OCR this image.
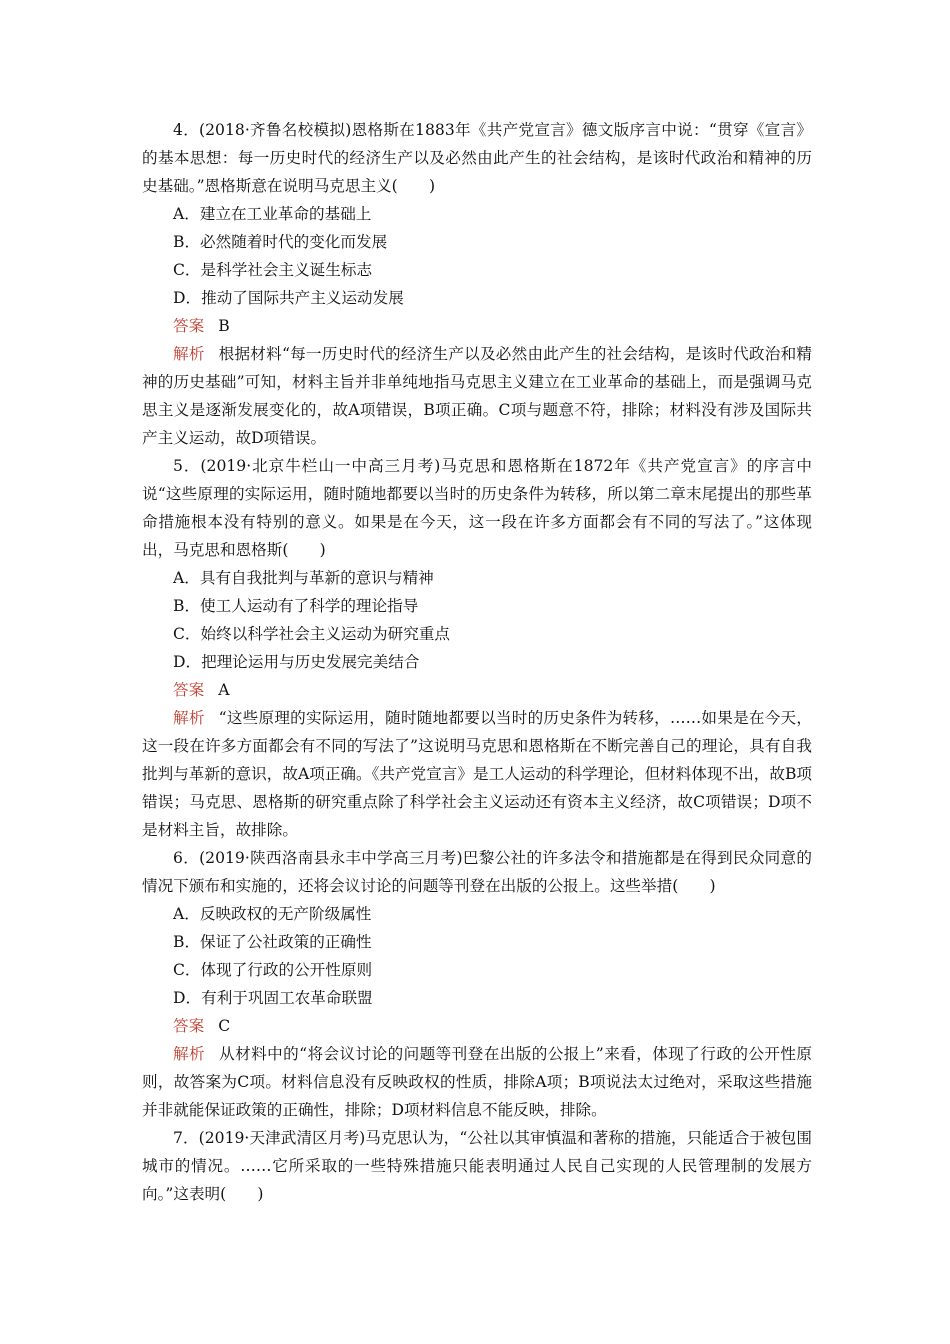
4．(2018·齐鲁名校模拟)恩格斯在1883年《共产党宣言》德文版序言中说：“贯穿《宣言》的基本思想：每一历史时代的经济生产以及必然由此产生的社会结构，是该时代政治和精神的历史基础。”恩格斯意在说明马克思主义(　　)

A．建立在工业革命的基础上

B．必然随着时代的变化而发展

C．是科学社会主义诞生标志

D．推动了国际共产主义运动发展

答案 B

解析 根据材料“每一历史时代的经济生产以及必然由此产生的社会结构，是该时代政治和精神的历史基础”可知，材料主旨并非单纯地指马克思主义建立在工业革命的基础上，而是强调马克思主义是逐渐发展变化的，故A项错误，B项正确。C项与题意不符，排除；材料没有涉及国际共产主义运动，故D项错误。

5．(2019·北京牛栏山一中高三月考)马克思和恩格斯在1872年《共产党宣言》的序言中说“这些原理的实际运用，随时随地都要以当时的历史条件为转移，所以第二章末尾提出的那些革命措施根本没有特别的意义。如果是在今天，这一段在许多方面都会有不同的写法了。”这体现出，马克思和恩格斯(　　)

A．具有自我批判与革新的意识与精神

B．使工人运动有了科学的理论指导

C．始终以科学社会主义运动为研究重点

D．把理论运用与历史发展完美结合

答案 A

解析 “这些原理的实际运用，随时随地都要以当时的历史条件为转移，……如果是在今天，这一段在许多方面都会有不同的写法了”这说明马克思和恩格斯在不断完善自己的理论，具有自我批判与革新的意识，故A项正确。《共产党宣言》是工人运动的科学理论，但材料体现不出，故B项错误；马克思、恩格斯的研究重点除了科学社会主义运动还有资本主义经济，故C项错误；D项不是材料主旨，故排除。

6．(2019·陕西洛南县永丰中学高三月考)巴黎公社的许多法令和措施都是在得到民众同意的情况下颁布和实施的，还将会议讨论的问题等刊登在出版的公报上。这些举措(　　)

A．反映政权的无产阶级属性

B．保证了公社政策的正确性

C．体现了行政的公开性原则

D．有利于巩固工农革命联盟

答案 C

解析 从材料中的“将会议讨论的问题等刊登在出版的公报上”来看，体现了行政的公开性原则，故答案为C项。材料信息没有反映政权的性质，排除A项；B项说法太过绝对，采取这些措施并非就能保证政策的正确性，排除；D项材料信息不能反映，排除。

7．(2019·天津武清区月考)马克思认为，“公社以其审慎温和著称的措施，只能适合于被包围城市的情况。……它所采取的一些特殊措施只能表明通过人民自己实现的人民管理制的发展方向。”这表明(　　)
